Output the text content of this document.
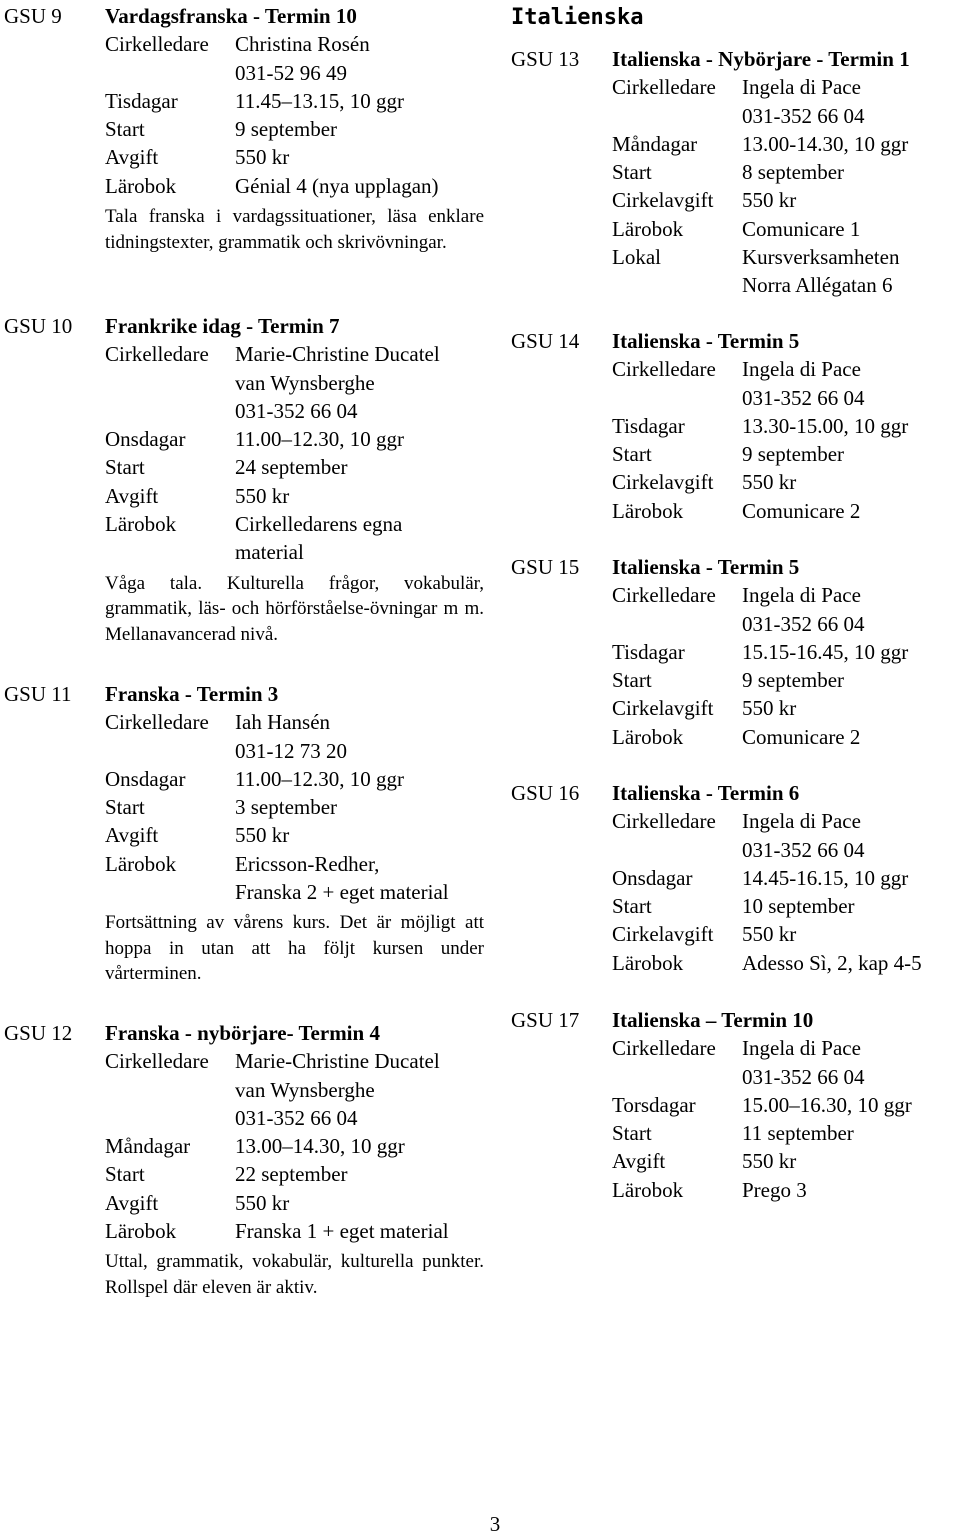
GSU 9	Vardagsfranska - Termin 10
Cirkelledare	Christina Rosén
031-52 96 49
Tisdagar	11.45–13.15, 10 ggr
Start	9 september
Avgift	550 kr
Lärobok	Génial 4 (nya upplagan)
Tala franska i vardagssituationer, läsa enklare tidningstexter, grammatik och skrivövningar.
GSU 10	Frankrike idag - Termin 7
Cirkelledare	Marie-Christine Ducatel
van Wynsberghe
031-352 66 04
Onsdagar	11.00–12.30, 10 ggr
Start	24 september
Avgift	550 kr
Lärobok	Cirkelledarens egna
material
Våga tala. Kulturella frågor, vokabulär, grammatik, läs- och hörförståelse-övningar m m. Mellanavancerad nivå.
GSU 11	Franska - Termin 3
Cirkelledare	Iah Hansén
031-12 73 20
Onsdagar	11.00–12.30, 10 ggr
Start	3 september
Avgift	550 kr
Lärobok	Ericsson-Redher,
Franska 2 + eget material
Fortsättning av vårens kurs. Det är möjligt att hoppa in utan att ha följt kursen under vårterminen.
GSU 12	Franska - nybörjare- Termin 4
Cirkelledare	Marie-Christine Ducatel
van Wynsberghe
031-352 66 04
Måndagar	13.00–14.30, 10 ggr
Start	22 september
Avgift	550 kr
Lärobok	Franska 1 + eget material
Uttal, grammatik, vokabulär, kulturella punkter. Rollspel där eleven är aktiv.
Italienska
GSU 13	Italienska - Nybörjare - Termin 1
Cirkelledare	Ingela di Pace
031-352 66 04
Måndagar	13.00-14.30, 10 ggr
Start	8 september
Cirkelavgift	550 kr
Lärobok	Comunicare 1
Lokal	Kursverksamheten
Norra Allégatan 6
GSU 14	Italienska - Termin 5
Cirkelledare	Ingela di Pace
031-352 66 04
Tisdagar	13.30-15.00, 10 ggr
Start	9 september
Cirkelavgift	550 kr
Lärobok	Comunicare 2
GSU 15	Italienska - Termin 5
Cirkelledare	Ingela di Pace
031-352 66 04
Tisdagar	15.15-16.45, 10 ggr
Start	9 september
Cirkelavgift	550 kr
Lärobok	Comunicare 2
GSU 16	Italienska - Termin 6
Cirkelledare	Ingela di Pace
031-352 66 04
Onsdagar	14.45-16.15, 10 ggr
Start	10 september
Cirkelavgift	550 kr
Lärobok	Adesso Sì, 2, kap 4-5
GSU 17	Italienska – Termin 10
Cirkelledare	Ingela di Pace
031-352 66 04
Torsdagar	15.00–16.30, 10 ggr
Start	11 september
Avgift	550 kr
Lärobok	Prego 3
3
